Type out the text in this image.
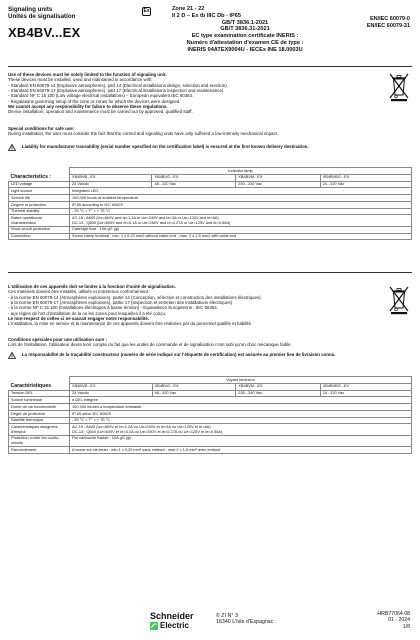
Signaling units
Unités de signalisation
XB4BV...EX
Ex	Zone 21 - 22
II 2 D – Ex tb IIIC Db - IP65
GB/T 3836.1-2021
GB/T 3836.31-2021
EC type examination certificate INERIS :
Numéro d'attestation d'examen CE de type :
INERIS 04ATEX9004U - IECEx INE 18.0003U
EN/IEC 60079-0
EN/IEC 60079-31
Use of these devices must be solely limited to the function of signaling unit.
These devices must be installed, used and maintained in accordance with:
- Standard EN 60079-14 (Explosive atmospheres), part 14 (Electrical installations design, selection and erection).
- Standard EN 60079-17 (Explosive atmospheres), part 17 (Electrical installations inspection and maintenance).
- Standard NF C 15 100 (Low voltage electrical installations) – European equivalent IEC 60364.
- Regulations governing setup of the zone or zones for which the devices were designed.
We cannot accept any responsibility for failure to observe these regulations.
Device installation, operation and maintenance must be carried out by approved, qualified staff.
Special conditions for safe use:
During installation, the user must consider the fact that the control and signaling units have only suffered a low-intensity mechanical impact.
Liability for manufacturer traceability (serial number specified on the certification label) is ensured at the first known delivery destination.
Characteristics :	Indicator lamp			
	XB4BVB...EX	XB4BVG...EX	XB4BVM...EX	XB4BVBG...EX
LED voltage	24 Va/cdc	48...120 Vac	230...240 Vac	24...120 Vac
Light source	Integrated LED			

Service life	100,000 hours at ambient temperature			

Degree of protection	IP 65 according to IEC 60529			

Thermal stability	- 20 °C < T° < + 75 °C			

Rated operational characteristics	AC-15 ; A600 (Ue=600V and Ie=1,2A or Ue=240V and Ie=3A or Ue=120V and Ie=6A)
DC-13 ; Q600 (Ue=600V and Ie=0,1A or Ue=250V and Ie=0,27A or Ue=125V and Ie=0,55A)			

Short-circuit protection	Cartridge fuse : 10A gG (gl)			

Connection	Screw clamp terminal : min. 1 x 0.22 mm2 without cable-end - max. 2 x 1.5 mm2 with cable end			
L'utilisation de ces appareils doit se limiter à la fonction d'unité de signalisation.
Ces matériels doivent être installés, utilisés et entretenus conformément :
- à la norme EN 60079-14 (Atmosphères explosives), partie 14 (Conception, sélection et construction des installations électriques).
- à la norme EN 60079-17 (Atmosphères explosives), partie 17 (Inspection et entretien des installations électriques)
- à la norme NF C 15 100 (Installations électriques à basse tension) - Equivalence Européenne : IEC 60364.
- aux règles de l'art d'installation de la ou les zones pour lesquelles il a été conçu.
Le non-respect de celles-ci ne saurait engager notre responsabilité.
L'installation, la mise en service et la maintenance de ces appareils doivent être réalisées par du personnel qualifié et habilité.
Conditions spéciales pour une utilisation sure :
Lors de l'installation, l'utilisateur devra tenir compte du fait que les unités de commande et de signalisation n'ont subi qu'un choc mécanique faible.
La responsabilité de la traçabilité constructeur (numéro de série indiqué sur l'étiquette de certification) est assurée au premier lieu de livraison connu.
Caractéristiques	Voyant lumineux			
	XB4BVB...EX	XB4BVG...EX	XB4BVM...EX	XB4BVBG...EX
Tension DEL	24 Va/cdc	48...120 Vac	230...240 Vac	24...120 Vac
Source lumineuse	à DEL intégrée			

Durée de vie fonctionnelle	100 000 heures à température ambiante			

Degré de protection	IP 65 selon IEC 60529			

Stabilité thermique	- 20 °C < T° < + 75 °C			

Caractéristiques assignées d'emploi	AC-15 ; A600 (Ue=600V et Ie=1,2A ou Ue=240V et Ie=3A ou Ue=120V et Ie=6A)
DC-13 ; Q600 (Ue=600V et Ie=0,1A ou Ue=250V et Ie=0,27A ou Ue=125V et Ie=0,55A)			

Protection contre les courts-circuits	Par cartouche fusible : 10A gG (gl)			

Raccordement	A borne sur vis-étrier : min.1 x 0,22 mm² sans embout - max.2 x 1,5 mm² avec embout			
Schneider
Electric
© ZI N° 3
16340 L'Isle d'Espagnac
HRB77064 08
01 - 2024
1/8
